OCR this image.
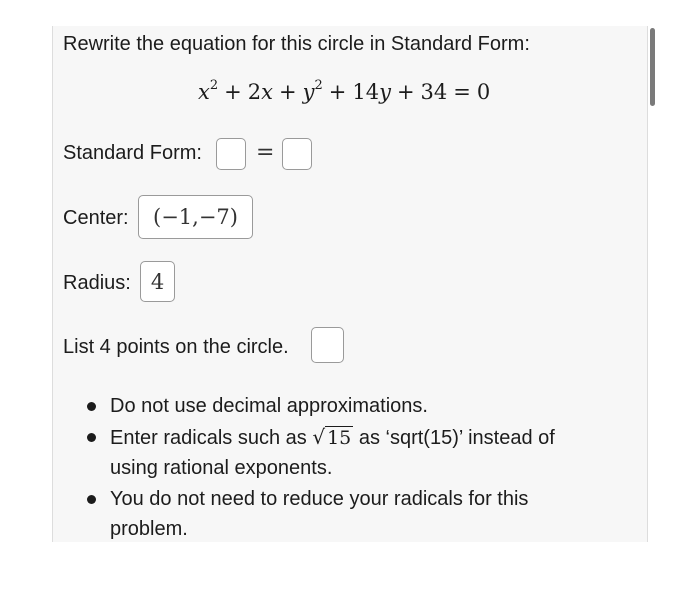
Rewrite the equation for this circle in Standard Form:
$x^2 + 2x + y^2 + 14y + 34 = 0$
Standard Form: =
Center:	(−1,−7)
Radius: 4
List 4 points on the circle.
Do not use decimal approximations.
Enter radicals such as √ 15 as ‘sqrt(15)’ instead of using rational exponents.
You do not need to reduce your radicals for this problem.
